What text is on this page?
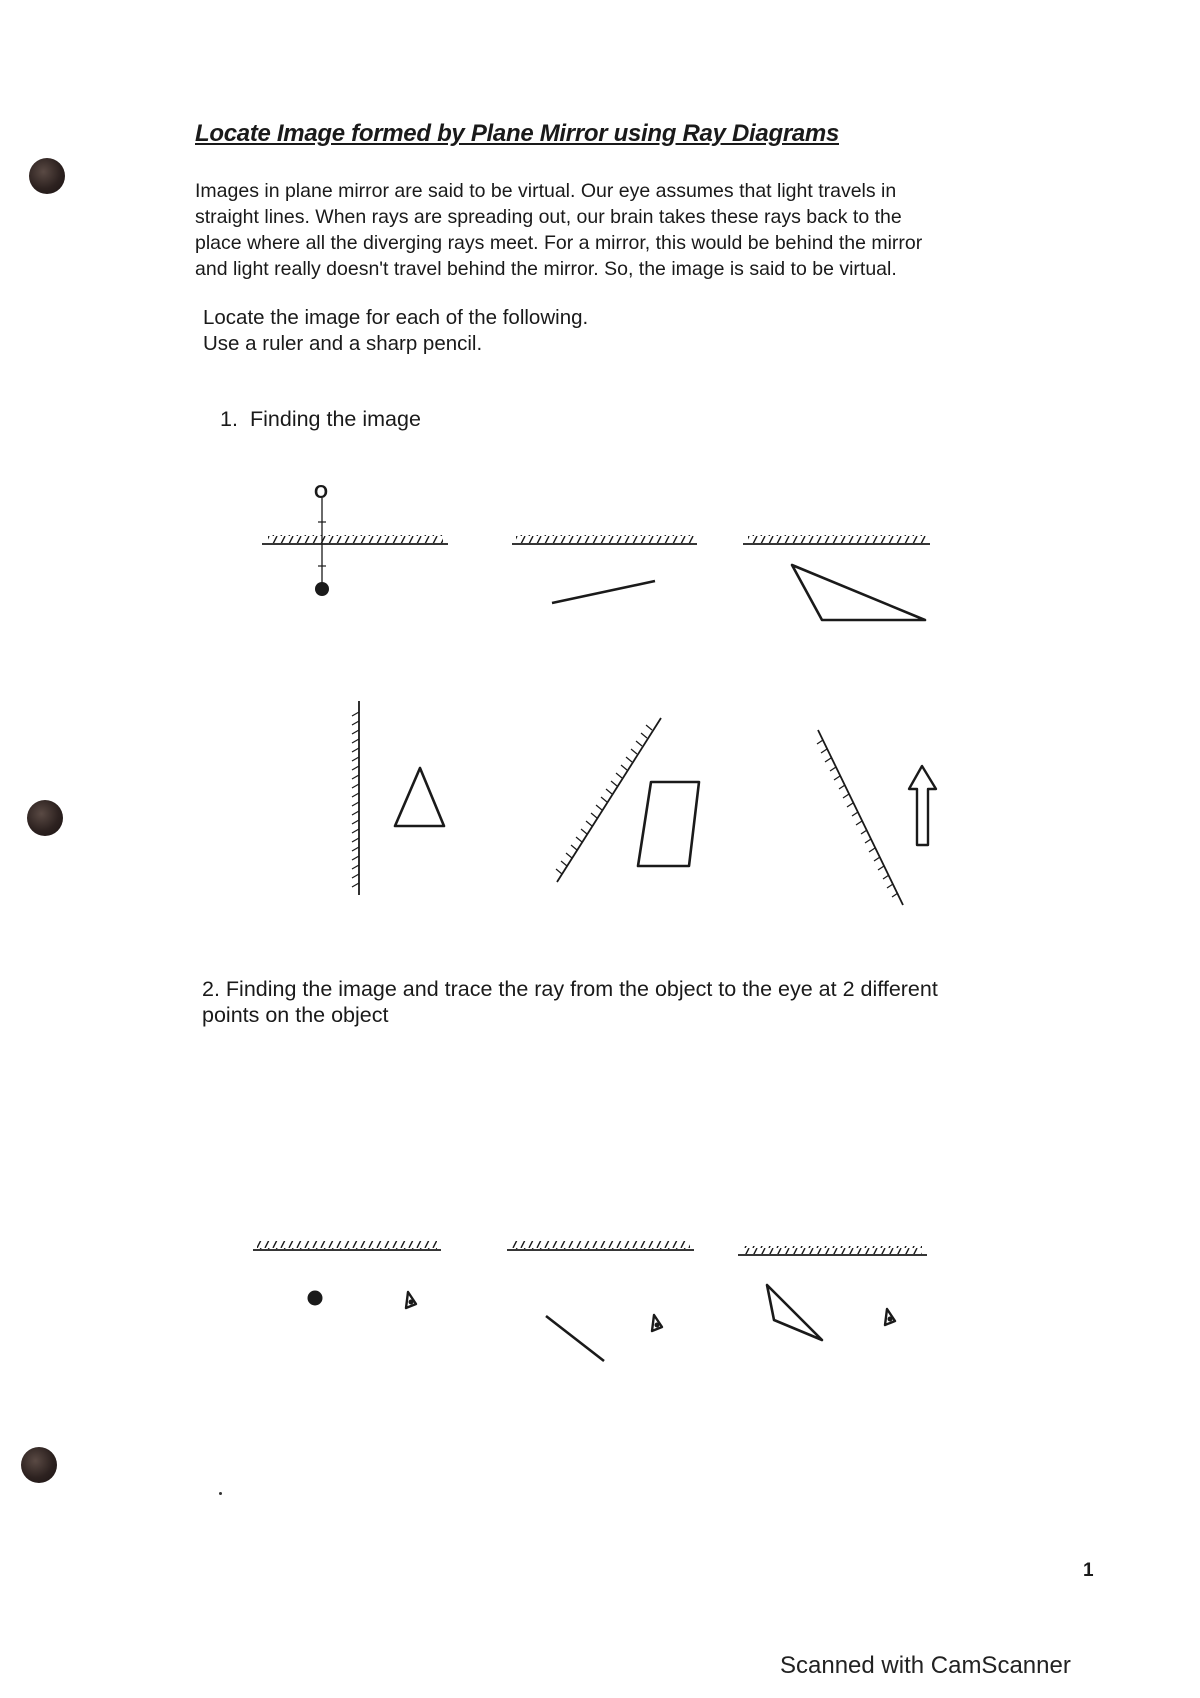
Locate Image formed by Plane Mirror using Ray Diagrams
Images in plane mirror are said to be virtual. Our eye assumes that light travels in
straight lines. When rays are spreading out, our brain takes these rays back to the
place where all the diverging rays meet. For a mirror, this would be behind the mirror
and light really doesn't travel behind the mirror. So, the image is said to be virtual.
Locate the image for each of the following.
Use a ruler and a sharp pencil.
1. Finding the image
2. Finding the image and trace the ray from the object to the eye at 2 different
points on the object
O
1
Scanned with CamScanner
